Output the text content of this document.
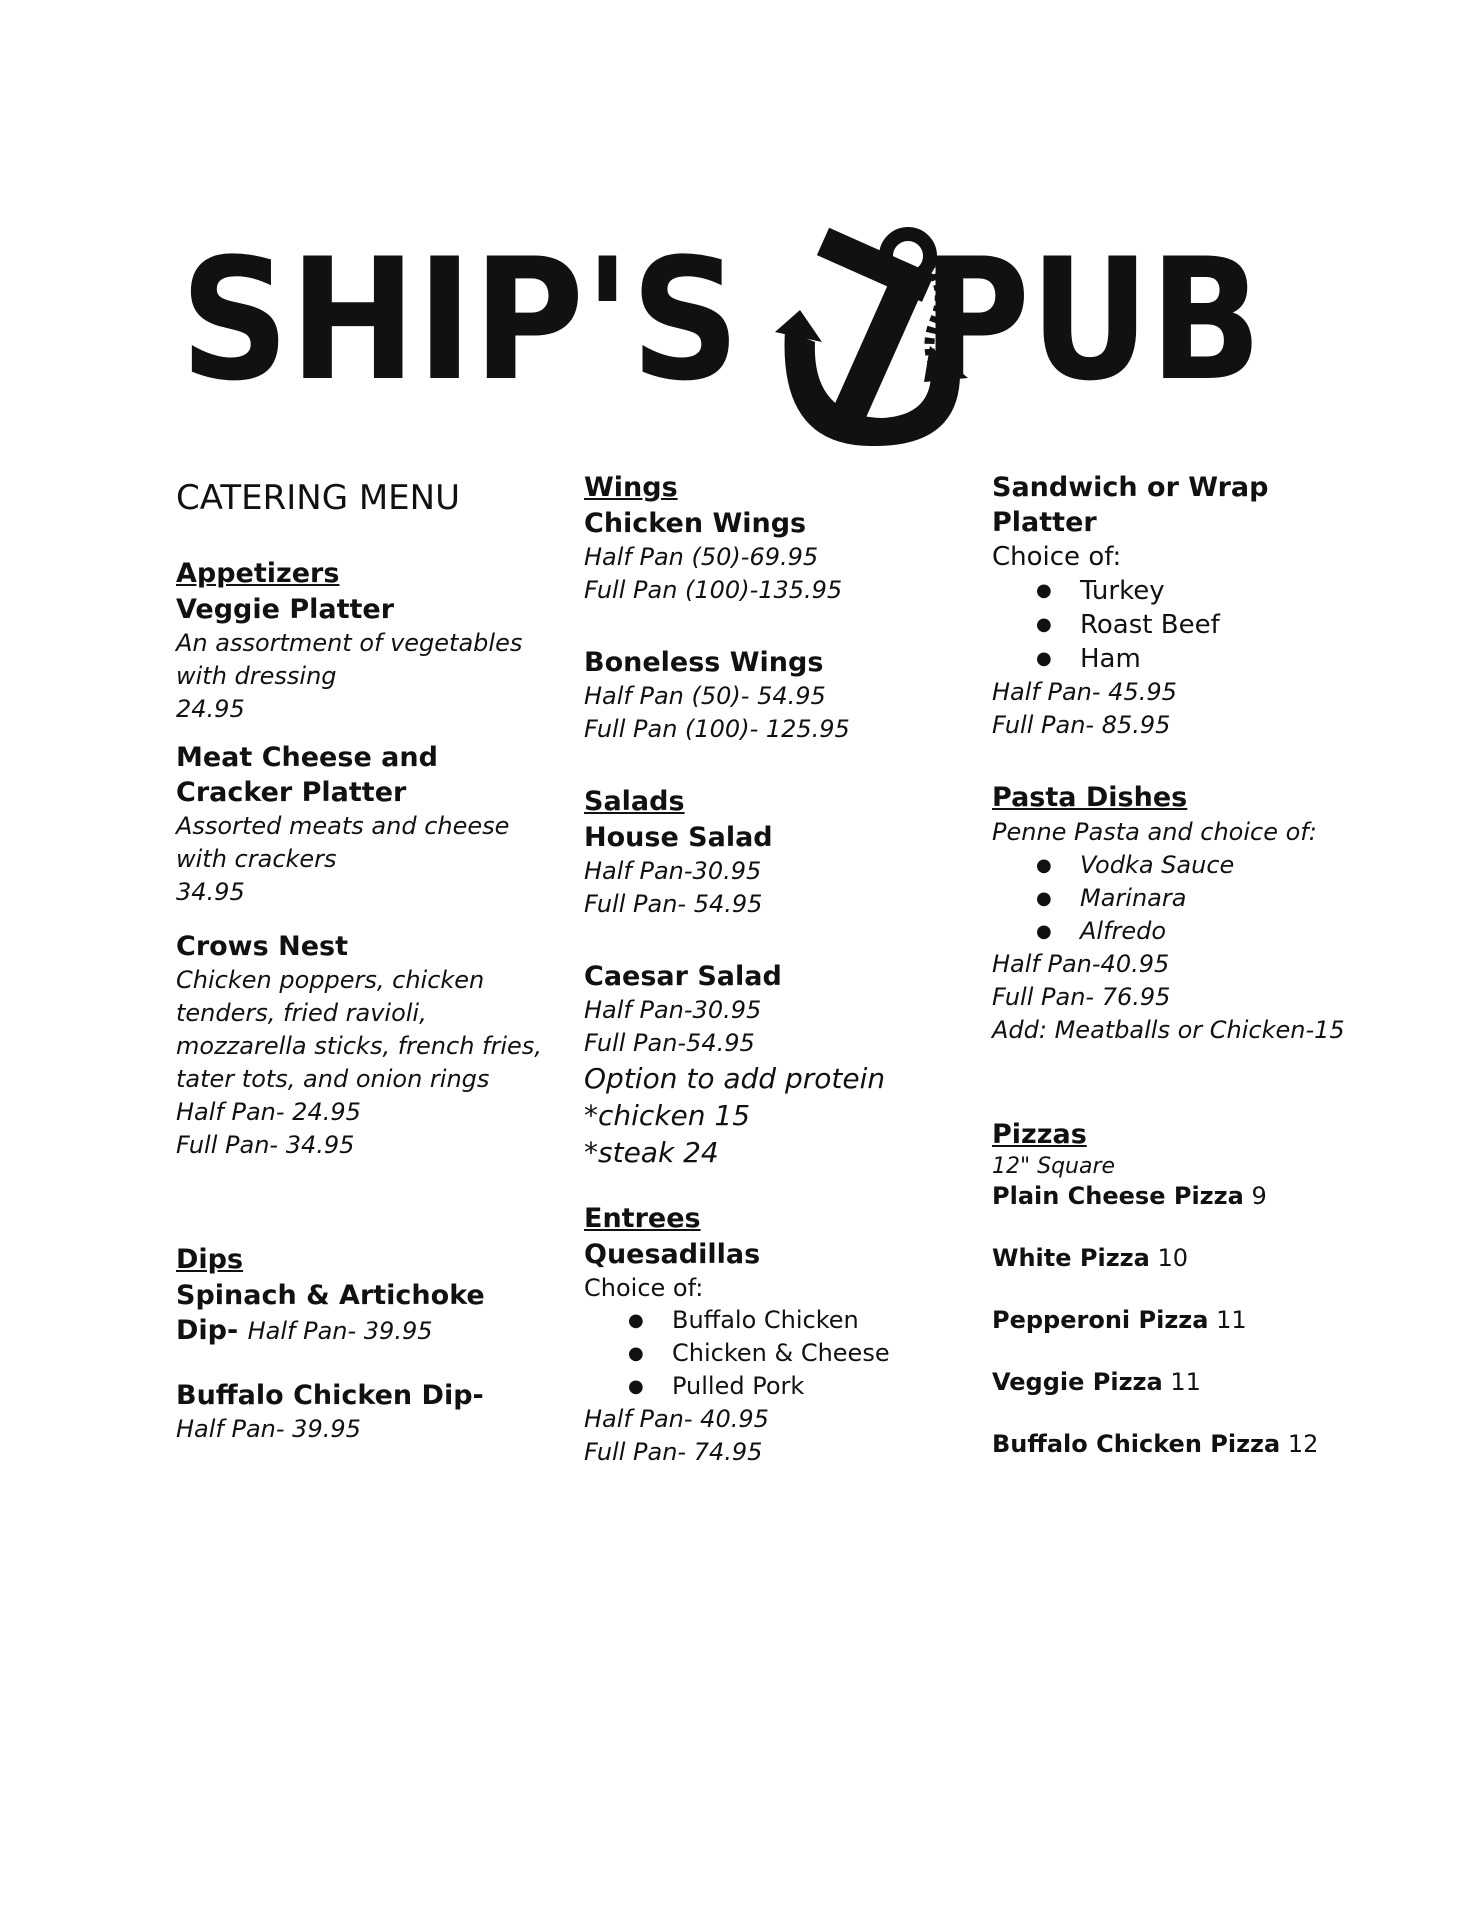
SHIP'S PUB

CATERING MENU

Appetizers

Veggie Platter

An assortment of vegetables with dressing

24.95

Meat Cheese and Cracker Platter

Assorted meats and cheese with crackers

34.95

Crows Nest

Chicken poppers, chicken tenders, fried ravioli, mozzarella sticks, french fries, tater tots, and onion rings

Half Pan- 24.95

Full Pan- 34.95

Dips

Spinach & Artichoke Dip- Half Pan- 39.95

Buffalo Chicken Dip-

Half Pan- 39.95

Wings

Chicken Wings

Half Pan (50)-69.95

Full Pan (100)-135.95

Boneless Wings

Half Pan (50)- 54.95

Full Pan (100)- 125.95

Salads

House Salad

Half Pan-30.95

Full Pan- 54.95

Caesar Salad

Half Pan-30.95

Full Pan-54.95

Option to add protein

*chicken 15

*steak 24

Entrees

Quesadillas

Choice of:

● Buffalo Chicken
● Chicken & Cheese
● Pulled Pork

Half Pan- 40.95

Full Pan- 74.95

Sandwich or Wrap Platter

Choice of:

● Turkey
● Roast Beef
● Ham

Half Pan- 45.95

Full Pan- 85.95

Pasta Dishes

Penne Pasta and choice of:

● Vodka Sauce
● Marinara
● Alfredo

Half Pan-40.95

Full Pan- 76.95

Add: Meatballs or Chicken-15

Pizzas

12" Square

Plain Cheese Pizza 9

White Pizza 10

Pepperoni Pizza 11

Veggie Pizza 11

Buffalo Chicken Pizza 12
